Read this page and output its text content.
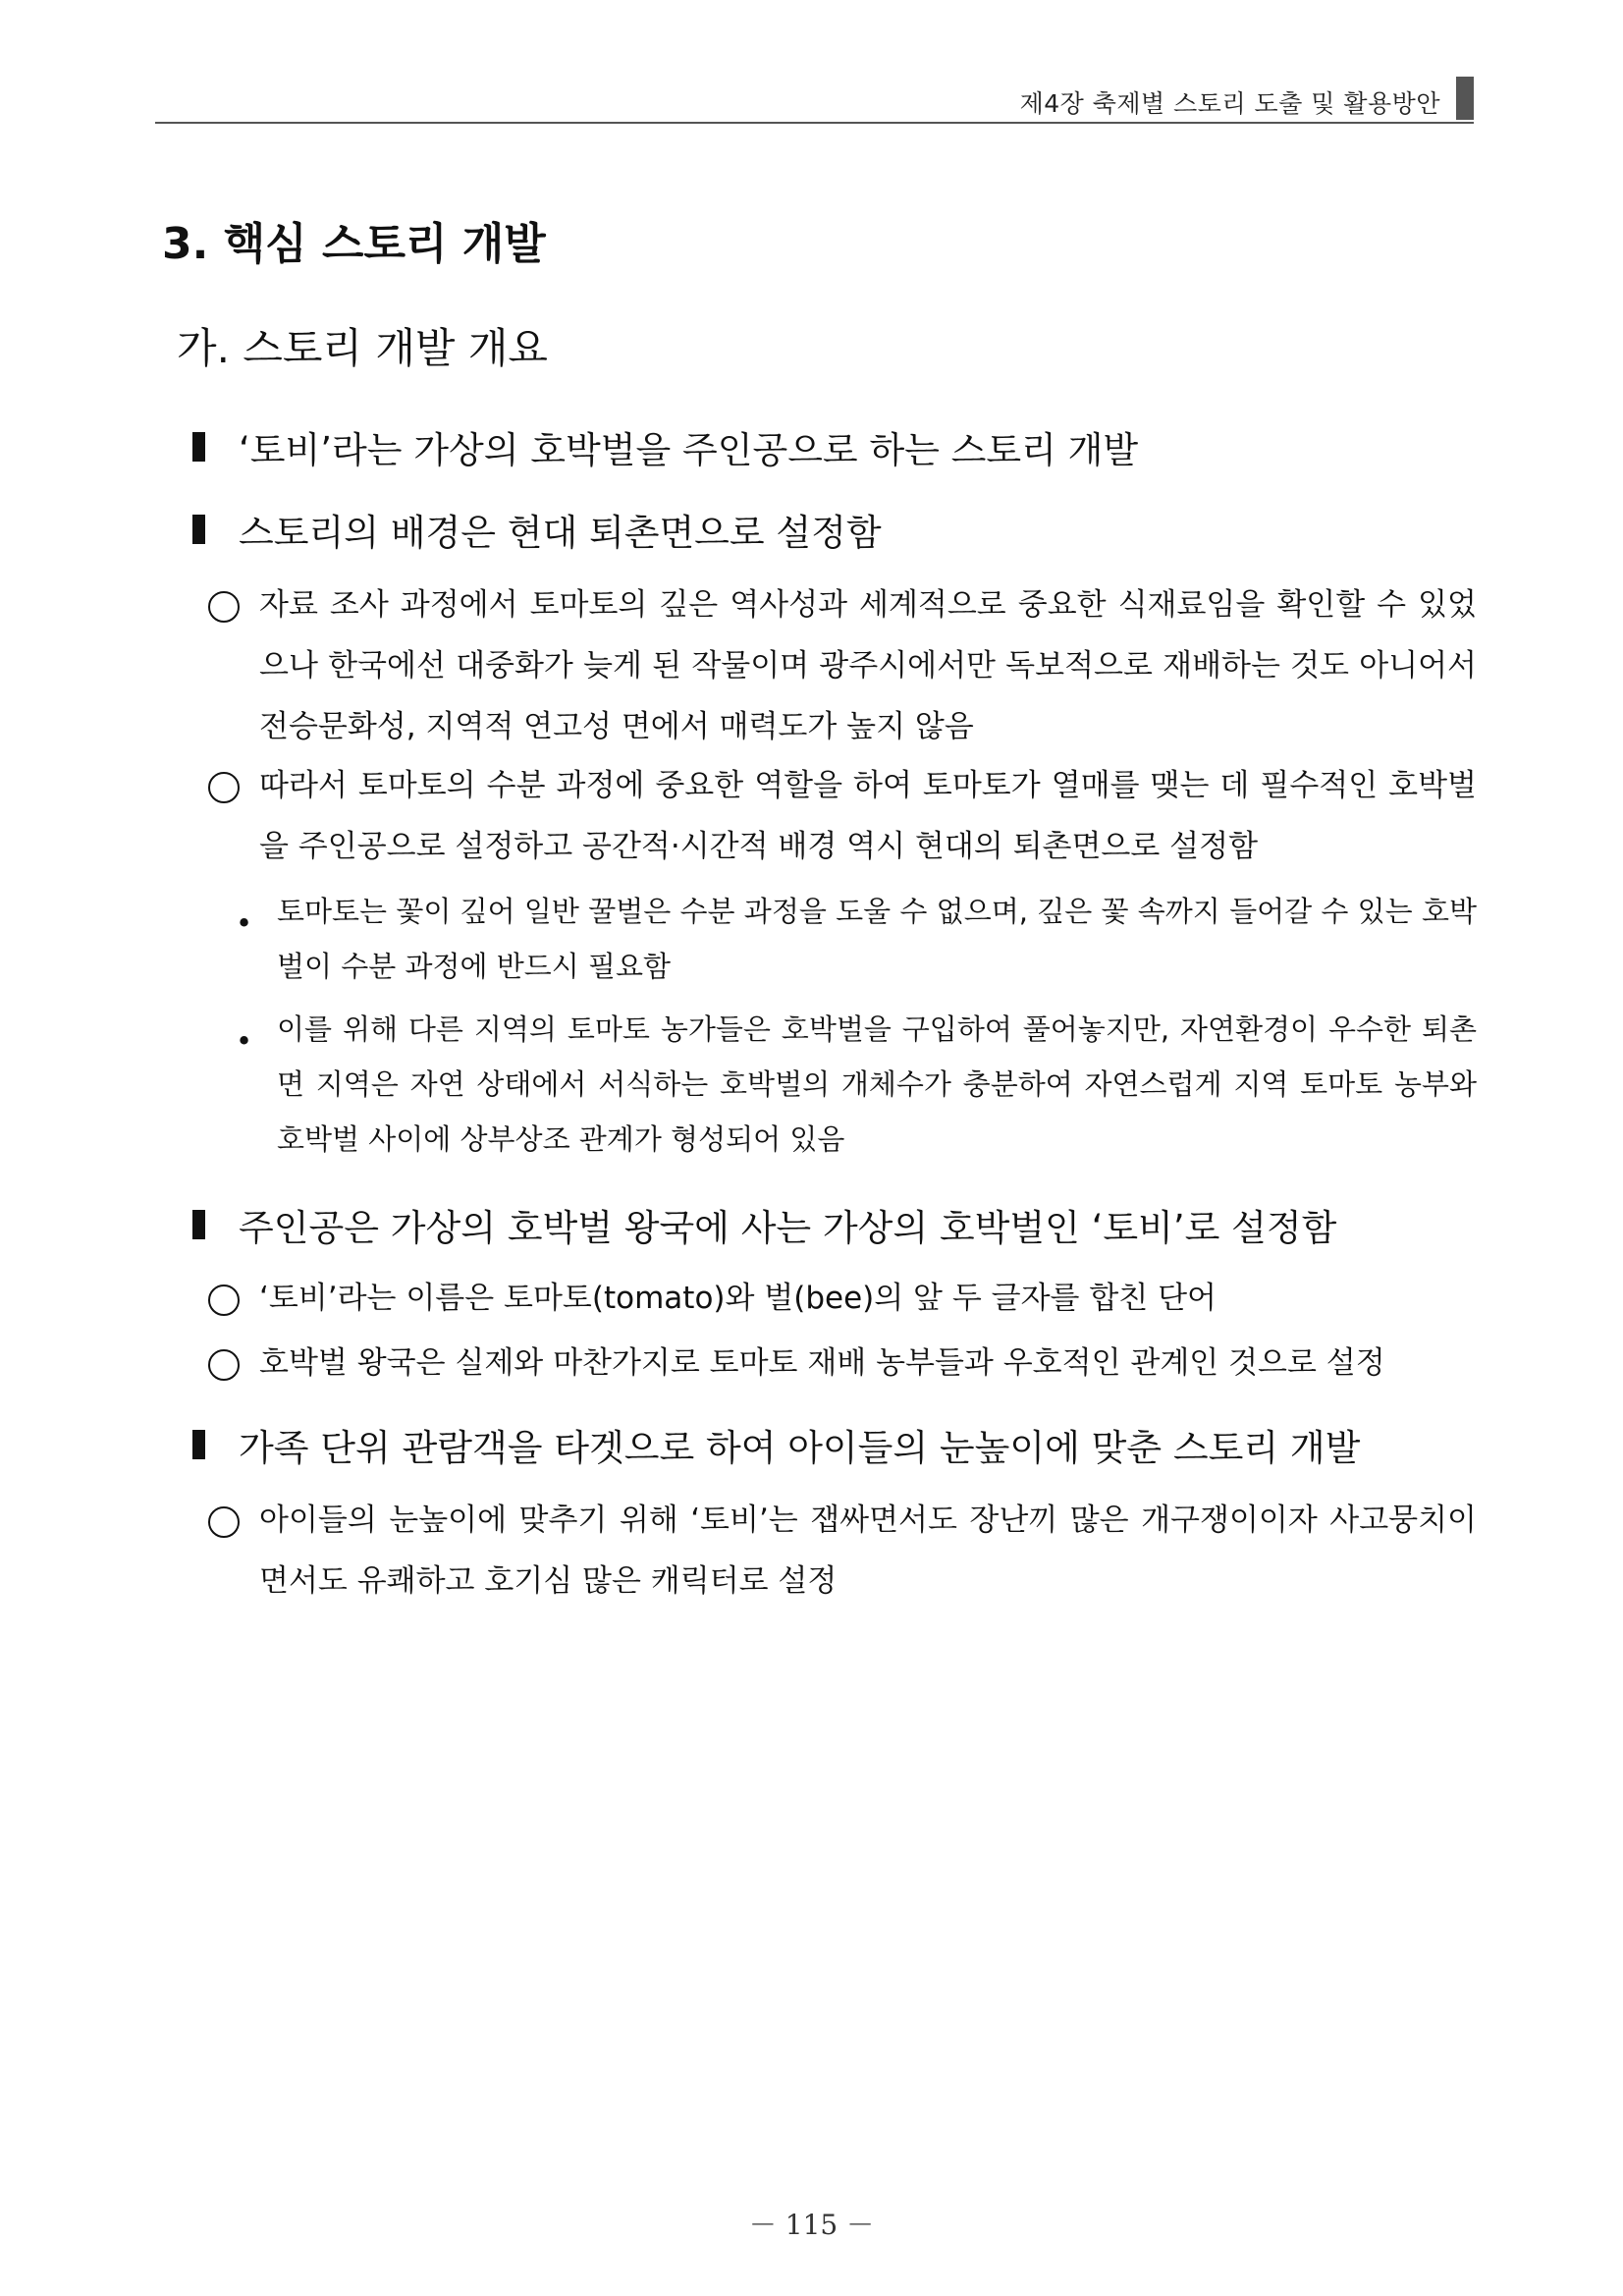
제4장 축제별 스토리 도출 및 활용방안
3. 핵심 스토리 개발
가. 스토리 개발 개요
‘토비’라는 가상의 호박벌을 주인공으로 하는 스토리 개발
스토리의 배경은 현대 퇴촌면으로 설정함
자료 조사 과정에서 토마토의 깊은 역사성과 세계적으로 중요한 식재료임을 확인할 수 있었으나 한국에선 대중화가 늦게 된 작물이며 광주시에서만 독보적으로 재배하는 것도 아니어서 전승문화성, 지역적 연고성 면에서 매력도가 높지 않음
따라서 토마토의 수분 과정에 중요한 역할을 하여 토마토가 열매를 맺는 데 필수적인 호박벌을 주인공으로 설정하고 공간적·시간적 배경 역시 현대의 퇴촌면으로 설정함
• 토마토는 꽃이 깊어 일반 꿀벌은 수분 과정을 도울 수 없으며, 깊은 꽃 속까지 들어갈 수 있는 호박벌이 수분 과정에 반드시 필요함
• 이를 위해 다른 지역의 토마토 농가들은 호박벌을 구입하여 풀어놓지만, 자연환경이 우수한 퇴촌면 지역은 자연 상태에서 서식하는 호박벌의 개체수가 충분하여 자연스럽게 지역 토마토 농부와 호박벌 사이에 상부상조 관계가 형성되어 있음
주인공은 가상의 호박벌 왕국에 사는 가상의 호박벌인 ‘토비’로 설정함
‘토비’라는 이름은 토마토(tomato)와 벌(bee)의 앞 두 글자를 합친 단어
호박벌 왕국은 실제와 마찬가지로 토마토 재배 농부들과 우호적인 관계인 것으로 설정
가족 단위 관람객을 타겟으로 하여 아이들의 눈높이에 맞춘 스토리 개발
아이들의 눈높이에 맞추기 위해 ‘토비’는 잽싸면서도 장난끼 많은 개구쟁이이자 사고뭉치이면서도 유쾌하고 호기심 많은 캐릭터로 설정
－ 115 －
